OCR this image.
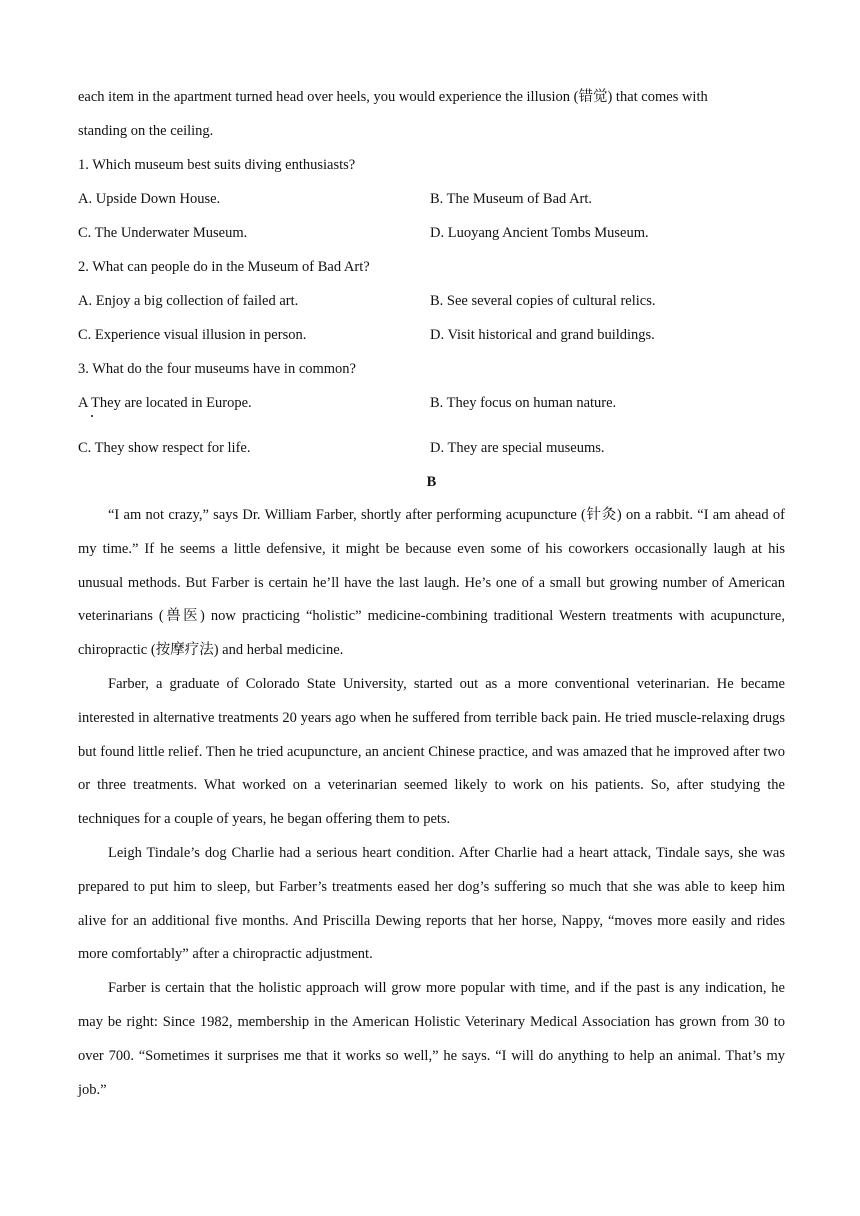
each item in the apartment turned head over heels, you would experience the illusion (错觉) that comes with
standing on the ceiling.
1. Which museum best suits diving enthusiasts?
A. Upside Down House.	B. The Museum of Bad Art.
C. The Underwater Museum.	D. Luoyang Ancient Tombs Museum.
2. What can people do in the Museum of Bad Art?
A. Enjoy a big collection of failed art.	B. See several copies of cultural relics.
C. Experience visual illusion in person.	D. Visit historical and grand buildings.
3. What do the four museums have in common?
A They are located in Europe.	B. They focus on human nature.
C. They show respect for life.	D. They are special museums.
B

“I am not crazy,” says Dr. William Farber, shortly after performing acupuncture (针灸) on a rabbit. “I am ahead of my time.” If he seems a little defensive, it might be because even some of his coworkers occasionally laugh at his unusual methods. But Farber is certain he’ll have the last laugh. He’s one of a small but growing number of American veterinarians (兽医) now practicing “holistic” medicine-combining traditional Western treatments with acupuncture, chiropractic (按摩疗法) and herbal medicine.

Farber, a graduate of Colorado State University, started out as a more conventional veterinarian. He became interested in alternative treatments 20 years ago when he suffered from terrible back pain. He tried muscle-relaxing drugs but found little relief. Then he tried acupuncture, an ancient Chinese practice, and was amazed that he improved after two or three treatments. What worked on a veterinarian seemed likely to work on his patients. So, after studying the techniques for a couple of years, he began offering them to pets.

Leigh Tindale’s dog Charlie had a serious heart condition. After Charlie had a heart attack, Tindale says, she was prepared to put him to sleep, but Farber’s treatments eased her dog’s suffering so much that she was able to keep him alive for an additional five months. And Priscilla Dewing reports that her horse, Nappy, “moves more easily and rides more comfortably” after a chiropractic adjustment.

Farber is certain that the holistic approach will grow more popular with time, and if the past is any indication, he may be right: Since 1982, membership in the American Holistic Veterinary Medical Association has grown from 30 to over 700. “Sometimes it surprises me that it works so well,” he says. “I will do anything to help an animal. That’s my job.”
